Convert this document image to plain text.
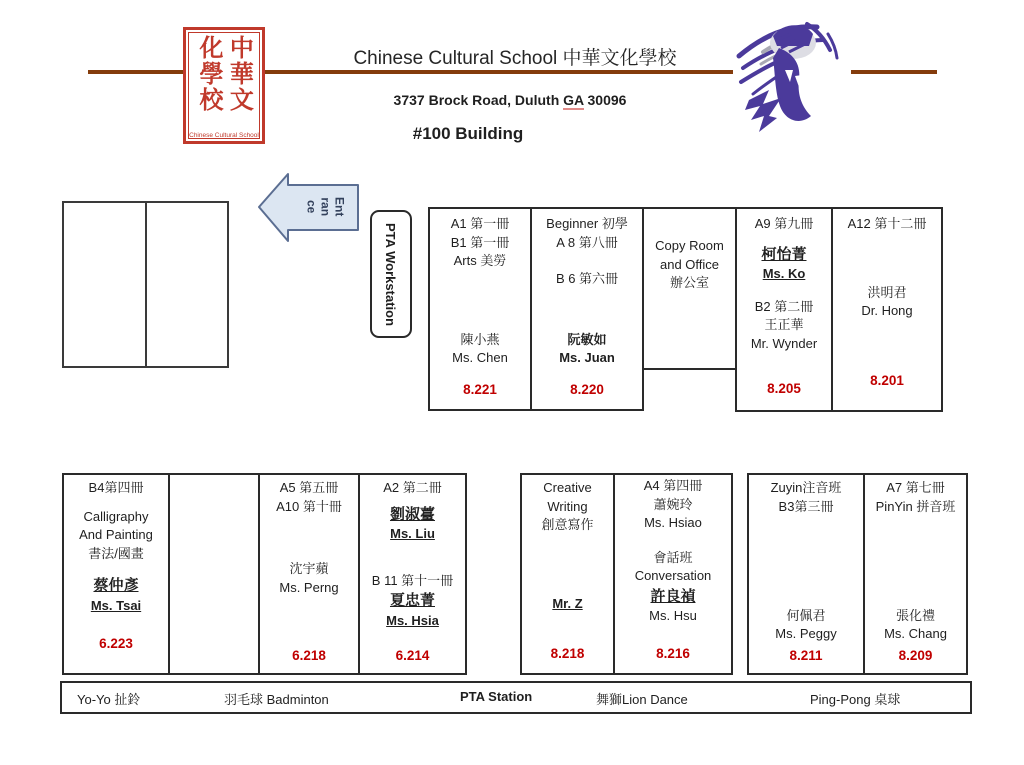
Chinese Cultural School 中華文化學校
3737 Brock Road, Duluth GA 30096
#100 Building
化學校 中華文
Chinese Cultural School
Ent
ran
ce
PTA Workstation	A1 第一冊
B1 第一冊
Arts 美勞
陳小燕
Ms. Chen
8.221
Beginner 初學
A 8 第八冊
B 6 第六冊
阮敏如
Ms. Juan
8.220
Copy Room
and Office
辦公室
A9 第九冊
柯怡菁
Ms. Ko
B2 第二冊
王正華
Mr. Wynder
8.205
A12 第十二冊
洪明君
Dr. Hong
8.201
B4第四冊
Calligraphy
And Painting
書法/國畫
蔡仲彥
Ms. Tsai
6.223
A5 第五冊
A10 第十冊
沈宇蘋
Ms. Perng
6.218
A2 第二冊
劉淑薹
Ms. Liu
B 11 第十一冊
夏忠菁
Ms. Hsia
6.214
Creative
Writing
創意寫作
Mr. Z
8.218
A4 第四冊
蕭婉玲
Ms. Hsiao
會話班
Conversation
許良禎
Ms. Hsu
8.216
Zuyin注音班
B3第三冊
何佩君
Ms. Peggy
8.211
A7 第七冊
PinYin 拼音班
張化禮
Ms. Chang
8.209
Yo-Yo 扯鈴	羽毛球 Badminton	PTA Station	舞獅Lion Dance	Ping-Pong 桌球
